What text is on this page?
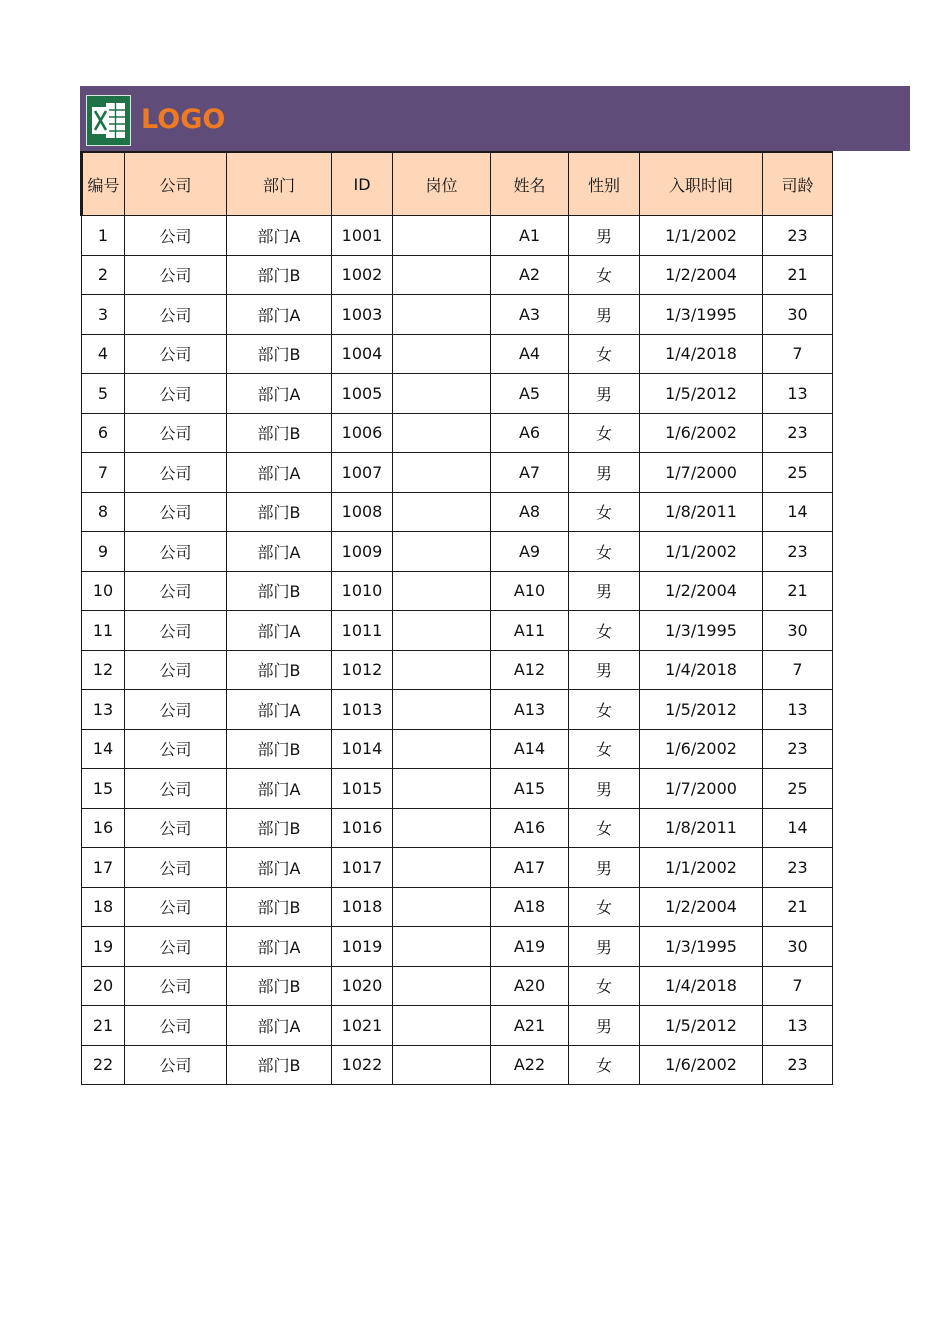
LOGO
编号	公司	部门	ID	岗位	姓名	性别	入职时间	司龄
1	公司	部门A	1001		A1	男	1/1/2002	23
2	公司	部门B	1002		A2	女	1/2/2004	21
3	公司	部门A	1003		A3	男	1/3/1995	30
4	公司	部门B	1004		A4	女	1/4/2018	7
5	公司	部门A	1005		A5	男	1/5/2012	13
6	公司	部门B	1006		A6	女	1/6/2002	23
7	公司	部门A	1007		A7	男	1/7/2000	25
8	公司	部门B	1008		A8	女	1/8/2011	14
9	公司	部门A	1009		A9	女	1/1/2002	23
10	公司	部门B	1010		A10	男	1/2/2004	21
11	公司	部门A	1011		A11	女	1/3/1995	30
12	公司	部门B	1012		A12	男	1/4/2018	7
13	公司	部门A	1013		A13	女	1/5/2012	13
14	公司	部门B	1014		A14	女	1/6/2002	23
15	公司	部门A	1015		A15	男	1/7/2000	25
16	公司	部门B	1016		A16	女	1/8/2011	14
17	公司	部门A	1017		A17	男	1/1/2002	23
18	公司	部门B	1018		A18	女	1/2/2004	21
19	公司	部门A	1019		A19	男	1/3/1995	30
20	公司	部门B	1020		A20	女	1/4/2018	7
21	公司	部门A	1021		A21	男	1/5/2012	13
22	公司	部门B	1022		A22	女	1/6/2002	23
